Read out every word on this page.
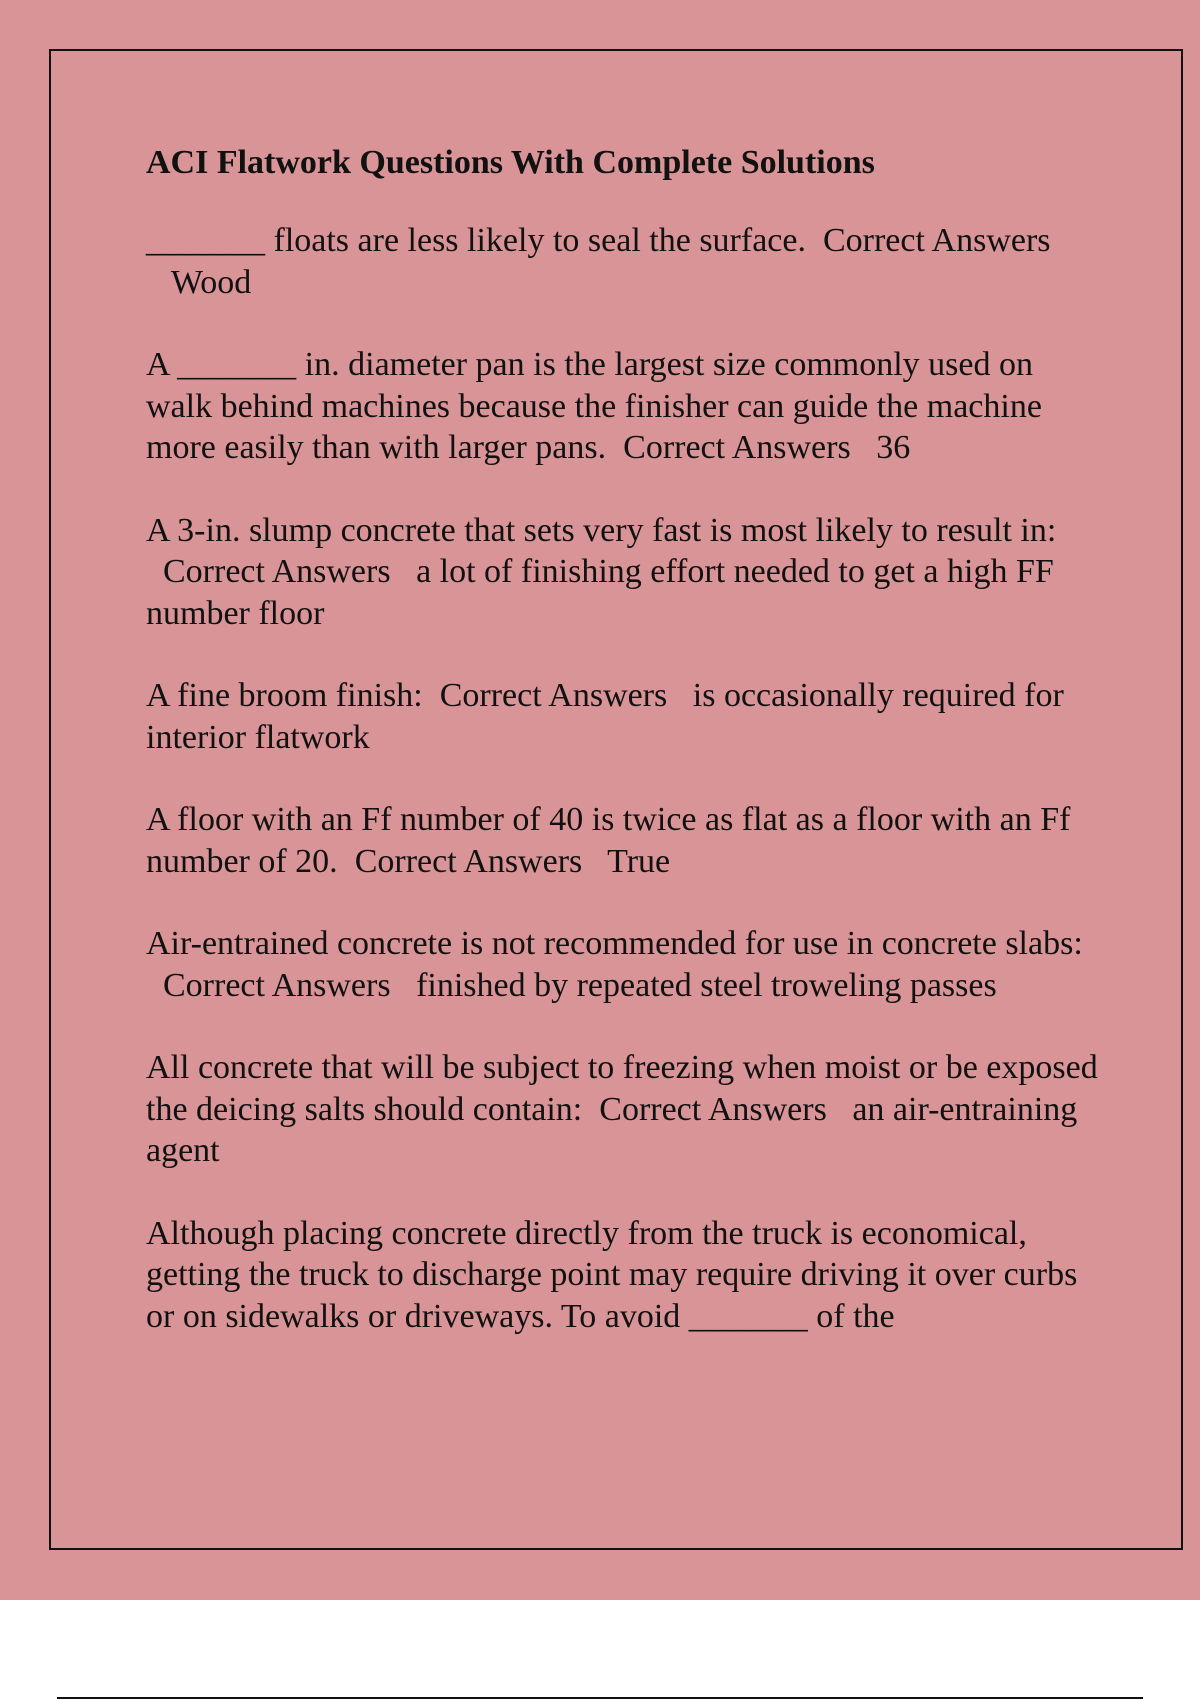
ACI Flatwork Questions With Complete Solutions
_______ floats are less likely to seal the surface. Correct Answers   Wood
A _______ in. diameter pan is the largest size commonly used on walk behind machines because the finisher can guide the machine more easily than with larger pans. Correct Answers 36
A 3-in. slump concrete that sets very fast is most likely to result in:  Correct Answers a lot of finishing effort needed to get a high FF number floor
A fine broom finish: Correct Answers is occasionally required for interior flatwork
A floor with an Ff number of 40 is twice as flat as a floor with an Ff number of 20. Correct Answers True
Air-entrained concrete is not recommended for use in concrete slabs:  Correct Answers finished by repeated steel troweling passes
All concrete that will be subject to freezing when moist or be exposed the deicing salts should contain: Correct Answers an air-entraining agent
Although placing concrete directly from the truck is economical, getting the truck to discharge point may require driving it over curbs or on sidewalks or driveways. To avoid _______ of the
